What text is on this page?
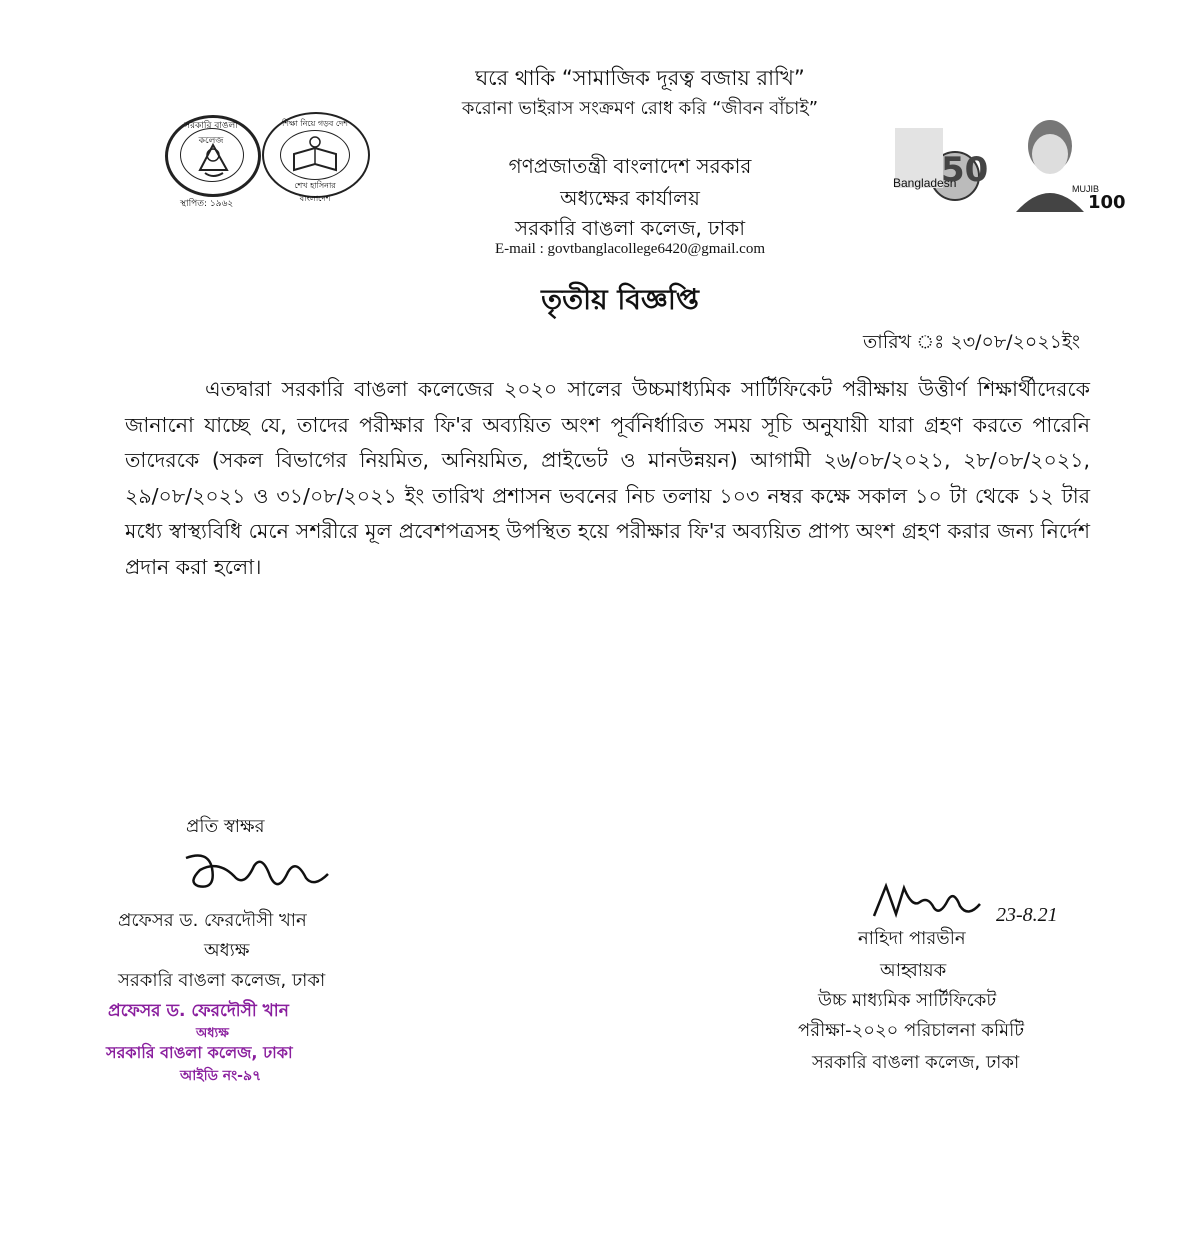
ঘরে থাকি “সামাজিক দূরত্ব বজায় রাখি”
করোনা ভাইরাস সংক্রমণ রোধ করি “জীবন বাঁচাই”
সরকারি বাঙলা কলেজ
স্থাপিত: ১৯৬২
শিক্ষা নিয়ে গড়ব দেশ
শেখ হাসিনার বাংলাদেশ
Bangladesh
50	MUJIB
100
গণপ্রজাতন্ত্রী বাংলাদেশ সরকার
অধ্যক্ষের কার্যালয়
সরকারি বাঙলা কলেজ, ঢাকা
E-mail : govtbanglacollege6420@gmail.com
তৃতীয় বিজ্ঞপ্তি
তারিখ ঃ ২৩/০৮/২০২১ইং
এতদ্বারা সরকারি বাঙলা কলেজের ২০২০ সালের উচ্চমাধ্যমিক সার্টিফিকেট পরীক্ষায় উত্তীর্ণ শিক্ষার্থীদেরকে জানানো যাচ্ছে যে, তাদের পরীক্ষার ফি'র অব্যয়িত অংশ পূর্বনির্ধারিত সময় সূচি অনুযায়ী যারা গ্রহণ করতে পারেনি তাদেরকে (সকল বিভাগের নিয়মিত, অনিয়মিত, প্রাইভেট ও মানউন্নয়ন) আগামী ২৬/০৮/২০২১, ২৮/০৮/২০২১, ২৯/০৮/২০২১ ও ৩১/০৮/২০২১ ইং তারিখ প্রশাসন ভবনের নিচ তলায় ১০৩ নম্বর কক্ষে সকাল ১০ টা থেকে ১২ টার মধ্যে স্বাস্থ্যবিধি মেনে সশরীরে মূল প্রবেশপত্রসহ উপস্থিত হয়ে পরীক্ষার ফি'র অব্যয়িত প্রাপ্য অংশ গ্রহণ করার জন্য নির্দেশ প্রদান করা হলো।
প্রতি স্বাক্ষর
প্রফেসর ড. ফেরদৌসী খান
অধ্যক্ষ
সরকারি বাঙলা কলেজ, ঢাকা
প্রফেসর ড. ফেরদৌসী খান
অধ্যক্ষ
সরকারি বাঙলা কলেজ, ঢাকা
আইডি নং-৯৭
23-8.21
নাহিদা পারভীন
আহ্বায়ক
উচ্চ মাধ্যমিক সার্টিফিকেট
পরীক্ষা-২০২০ পরিচালনা কমিটি
সরকারি বাঙলা কলেজ, ঢাকা
